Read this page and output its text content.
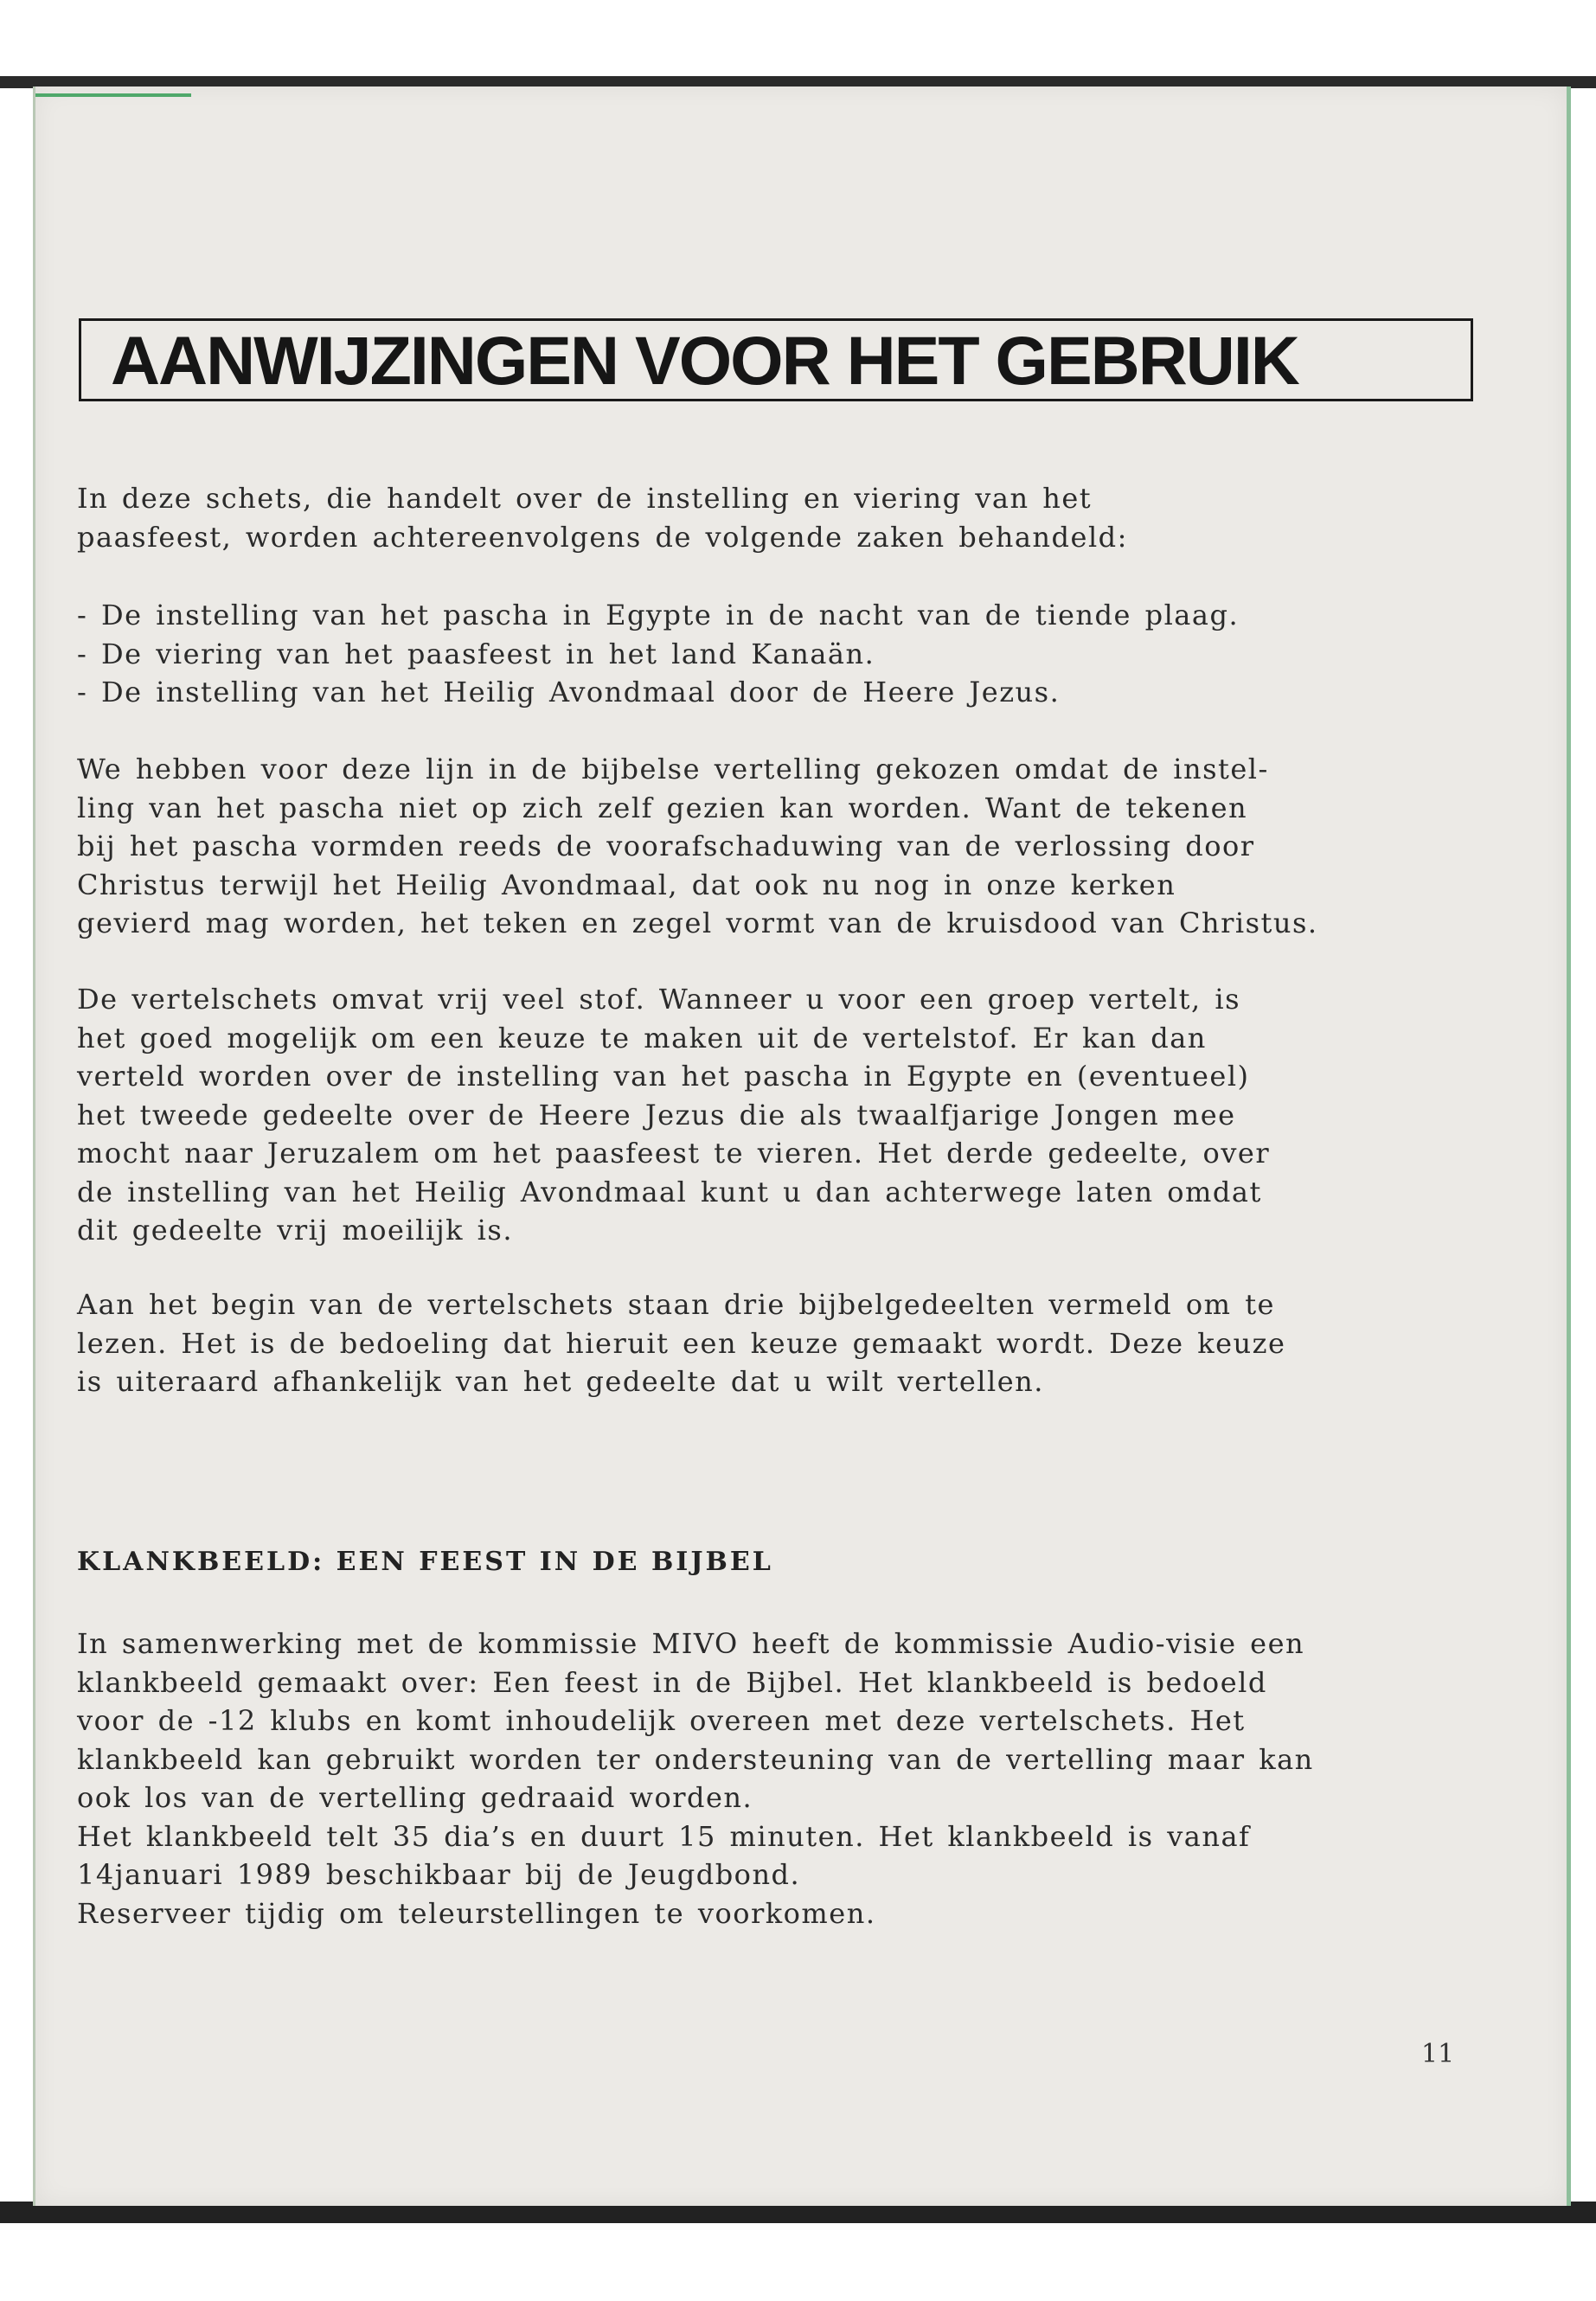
AANWIJZINGEN VOOR HET GEBRUIK
In deze schets, die handelt over de instelling en viering van het
paasfeest, worden achtereenvolgens de volgende zaken behandeld:
- De instelling van het pascha in Egypte in de nacht van de tiende plaag.
- De viering van het paasfeest in het land Kanaän.
- De instelling van het Heilig Avondmaal door de Heere Jezus.
We hebben voor deze lijn in de bijbelse vertelling gekozen omdat de instel-
ling van het pascha niet op zich zelf gezien kan worden. Want de tekenen
bij het pascha vormden reeds de voorafschaduwing van de verlossing door
Christus terwijl het Heilig Avondmaal, dat ook nu nog in onze kerken
gevierd mag worden, het teken en zegel vormt van de kruisdood van Christus.
De vertelschets omvat vrij veel stof. Wanneer u voor een groep vertelt, is
het goed mogelijk om een keuze te maken uit de vertelstof. Er kan dan
verteld worden over de instelling van het pascha in Egypte en (eventueel)
het tweede gedeelte over de Heere Jezus die als twaalfjarige Jongen mee
mocht naar Jeruzalem om het paasfeest te vieren. Het derde gedeelte, over
de instelling van het Heilig Avondmaal kunt u dan achterwege laten omdat
dit gedeelte vrij moeilijk is.
Aan het begin van de vertelschets staan drie bijbelgedeelten vermeld om te
lezen. Het is de bedoeling dat hieruit een keuze gemaakt wordt. Deze keuze
is uiteraard afhankelijk van het gedeelte dat u wilt vertellen.
KLANKBEELD: EEN FEEST IN DE BIJBEL
In samenwerking met de kommissie MIVO heeft de kommissie Audio-visie een
klankbeeld gemaakt over: Een feest in de Bijbel. Het klankbeeld is bedoeld
voor de -12 klubs en komt inhoudelijk overeen met deze vertelschets. Het
klankbeeld kan gebruikt worden ter ondersteuning van de vertelling maar kan
ook los van de vertelling gedraaid worden.
Het klankbeeld telt 35 dia’s en duurt 15 minuten. Het klankbeeld is vanaf
14januari 1989 beschikbaar bij de Jeugdbond.
Reserveer tijdig om teleurstellingen te voorkomen.
11
